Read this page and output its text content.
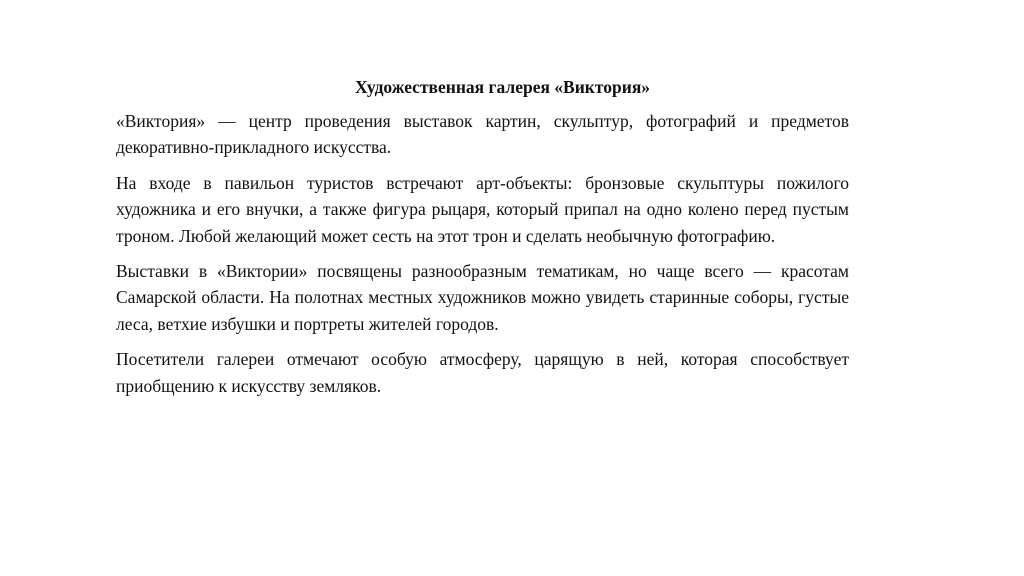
Художественная галерея «Виктория»

«Виктория» — центр проведения выставок картин, скульптур, фотографий и предметов декоративно-прикладного искусства.

На входе в павильон туристов встречают арт-объекты: бронзовые скульптуры пожилого художника и его внучки, а также фигура рыцаря, который припал на одно колено перед пустым троном. Любой желающий может сесть на этот трон и сделать необычную фотографию.

Выставки в «Виктории» посвящены разнообразным тематикам, но чаще всего — красотам Самарской области. На полотнах местных художников можно увидеть старинные соборы, густые леса, ветхие избушки и портреты жителей городов.

Посетители галереи отмечают особую атмосферу, царящую в ней, которая способствует приобщению к искусству земляков.
